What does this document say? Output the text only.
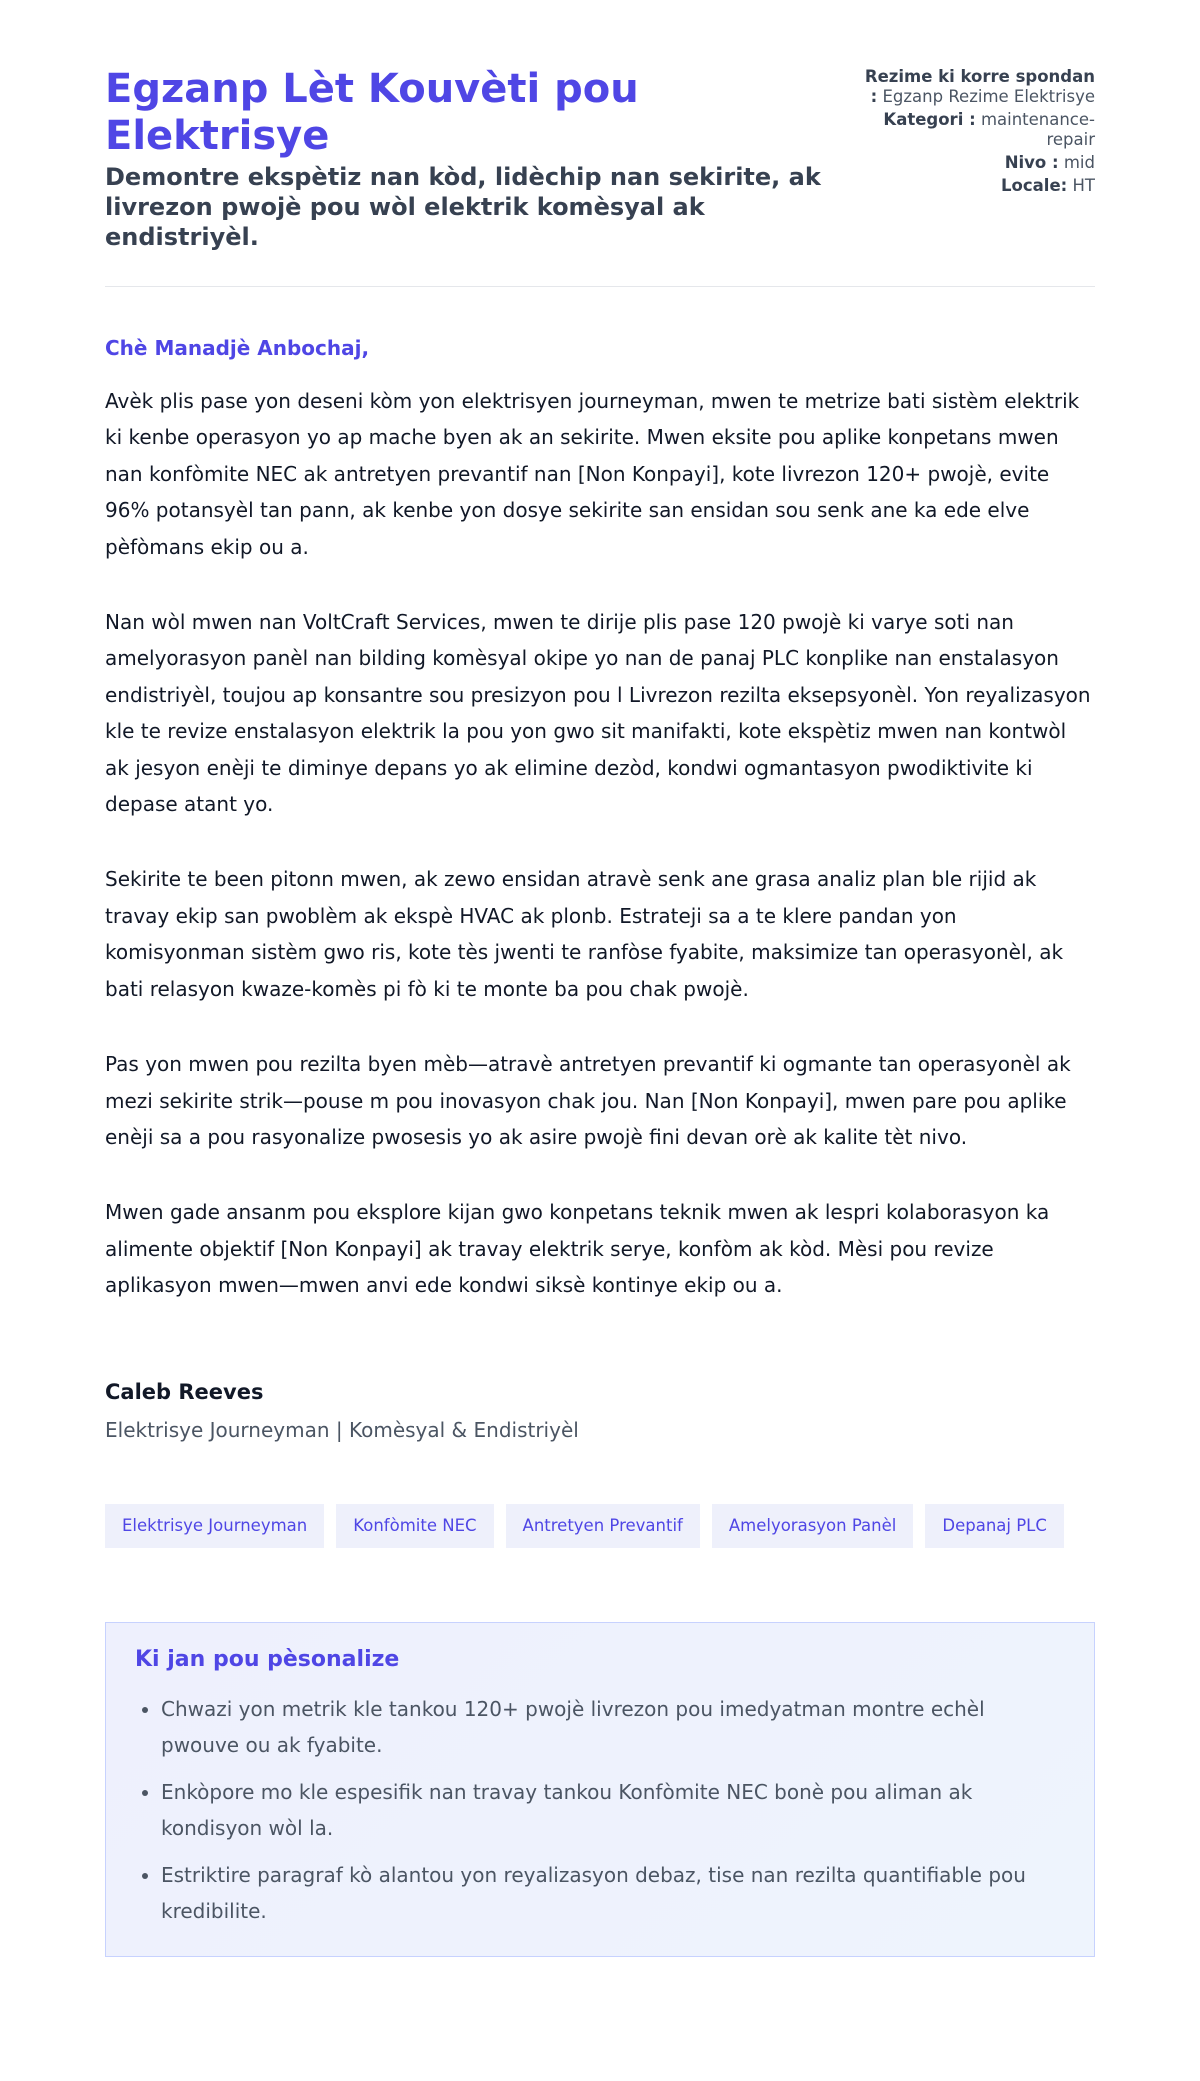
Egzanp Lèt Kouvèti pou Elektrisye
Demontre ekspètiz nan kòd, lidèchip nan sekirite, ak livrezon pwojè pou wòl elektrik komèsyal ak endistriyèl.
Rezime ki korre spondan : Egzanp Rezime Elektrisye
Kategori : maintenance-repair
Nivo : mid
Locale: HT

Chè Manadjè Anbochaj,

Avèk plis pase yon deseni kòm yon elektrisyen journeyman, mwen te metrize bati sistèm elektrik ki kenbe operasyon yo ap mache byen ak an sekirite. Mwen eksite pou aplike konpetans mwen nan konfòmite NEC ak antretyen prevantif nan [Non Konpayi], kote livrezon 120+ pwojè, evite 96% potansyèl tan pann, ak kenbe yon dosye sekirite san ensidan sou senk ane ka ede elve pèfòmans ekip ou a.

Nan wòl mwen nan VoltCraft Services, mwen te dirije plis pase 120 pwojè ki varye soti nan amelyorasyon panèl nan bilding komèsyal okipe yo nan de panaj PLC konplike nan enstalasyon endistriyèl, toujou ap konsantre sou presizyon pou l Livrezon rezilta eksepsyonèl. Yon reyalizasyon kle te revize enstalasyon elektrik la pou yon gwo sit manifakti, kote ekspètiz mwen nan kontwòl ak jesyon enèji te diminye depans yo ak elimine dezòd, kondwi ogmantasyon pwodiktivite ki depase atant yo.

Sekirite te been pitonn mwen, ak zewo ensidan atravè senk ane grasa analiz plan ble rijid ak travay ekip san pwoblèm ak ekspè HVAC ak plonb. Estrateji sa a te klere pandan yon komisyonman sistèm gwo ris, kote tès jwenti te ranfòse fyabite, maksimize tan operasyonèl, ak bati relasyon kwaze-komès pi fò ki te monte ba pou chak pwojè.

Pas yon mwen pou rezilta byen mèb—atravè antretyen prevantif ki ogmante tan operasyonèl ak mezi sekirite strik—pouse m pou inovasyon chak jou. Nan [Non Konpayi], mwen pare pou aplike enèji sa a pou rasyonalize pwosesis yo ak asire pwojè fini devan orè ak kalite tèt nivo.

Mwen gade ansanm pou eksplore kijan gwo konpetans teknik mwen ak lespri kolaborasyon ka alimente objektif [Non Konpayi] ak travay elektrik serye, konfòm ak kòd. Mèsi pou revize aplikasyon mwen—mwen anvi ede kondwi siksè kontinye ekip ou a.

Caleb Reeves

Elektrisye Journeyman | Komèsyal & Endistriyèl

Elektrisye Journeyman	Konfòmite NEC	Antretyen Prevantif	Amelyorasyon Panèl	Depanaj PLC
Ki jan pou pèsonalize
• Chwazi yon metrik kle tankou 120+ pwojè livrezon pou imedyatman montre echèl pwouve ou ak fyabite.
• Enkòpore mo kle espesifik nan travay tankou Konfòmite NEC bonè pou aliman ak kondisyon wòl la.
• Estriktire paragraf kò alantou yon reyalizasyon debaz, tise nan rezilta quantifiable pou kredibilite.
